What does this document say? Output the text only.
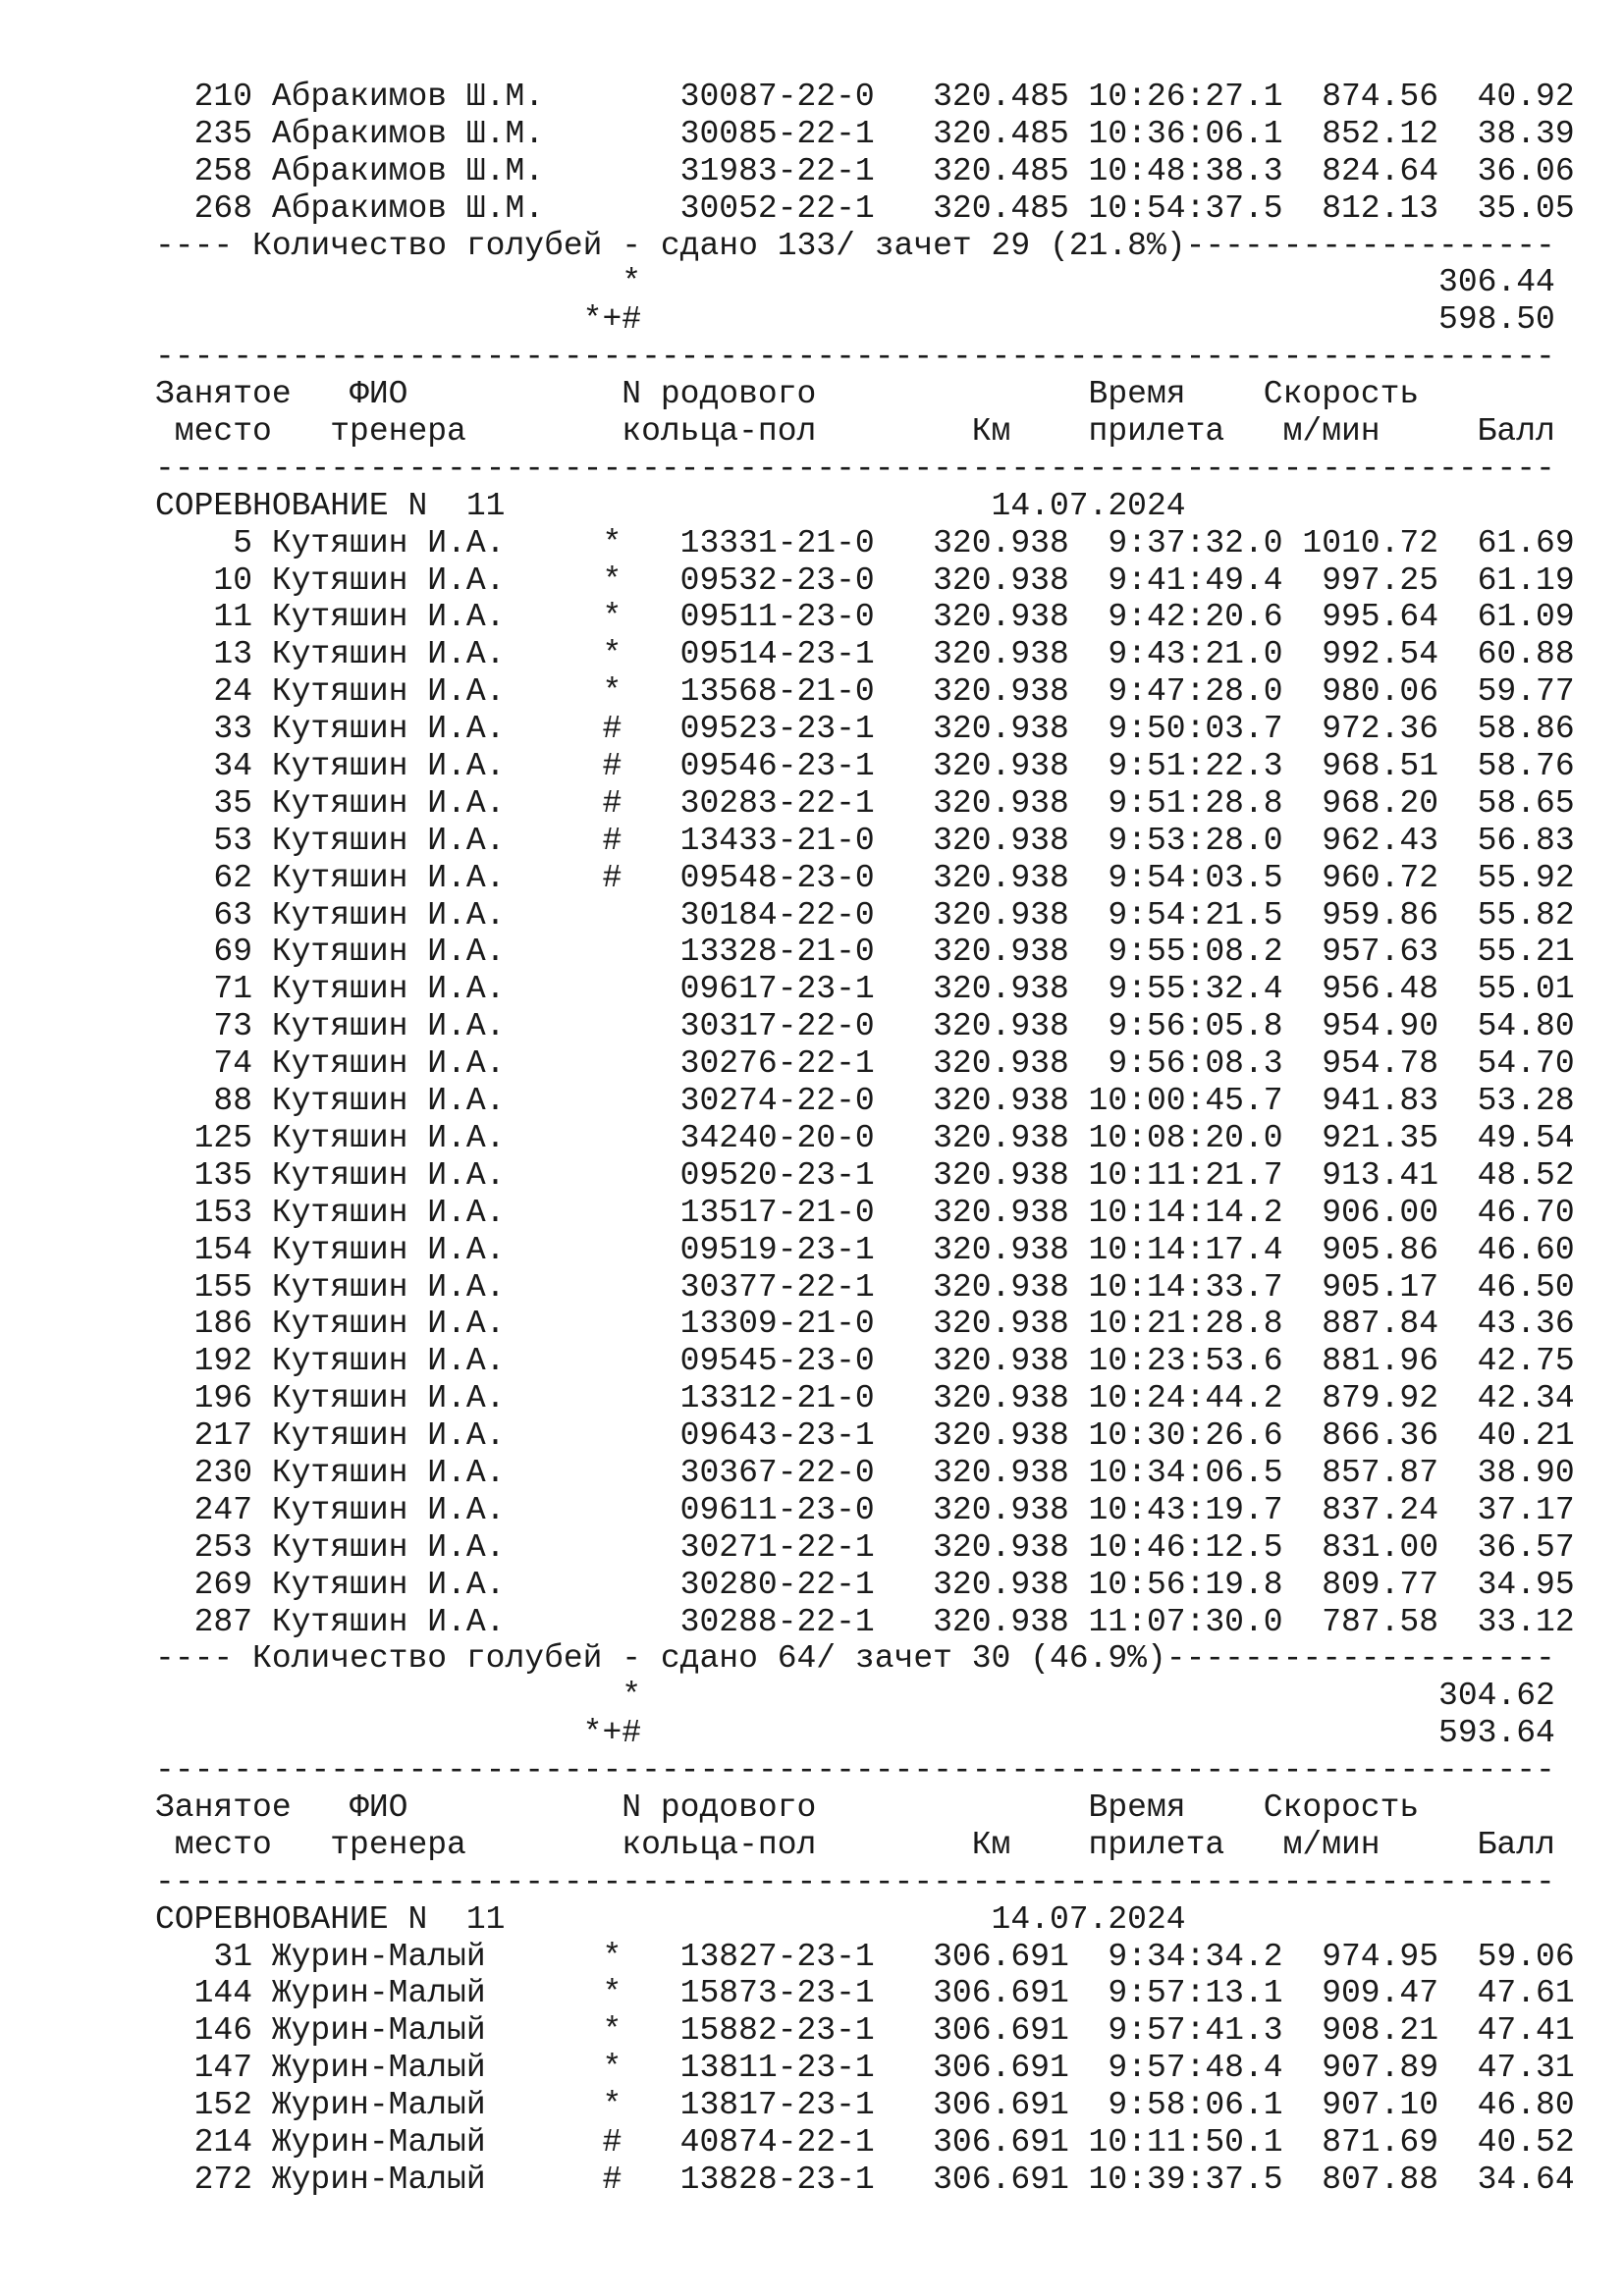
210 Абракимов Ш.М.       30087-22-0   320.485 10:26:27.1  874.56  40.92
235 Абракимов Ш.М.       30085-22-1   320.485 10:36:06.1  852.12  38.39
258 Абракимов Ш.М.       31983-22-1   320.485 10:48:38.3  824.64  36.06
268 Абракимов Ш.М.       30052-22-1   320.485 10:54:37.5  812.13  35.05
---- Количество голубей - сдано 133/ зачет 29 (21.8%)-------------------
*                                         306.44
*+#                                         598.50
------------------------------------------------------------------------
Занятое   ФИО           N родового              Время    Скорость
место   тренера        кольца-пол        Км    прилета   м/мин     Балл
------------------------------------------------------------------------
СОРЕВНОВАНИЕ N  11                         14.07.2024
5 Кутяшин И.А.     *   13331-21-0   320.938  9:37:32.0 1010.72  61.69
10 Кутяшин И.А.     *   09532-23-0   320.938  9:41:49.4  997.25  61.19
11 Кутяшин И.А.     *   09511-23-0   320.938  9:42:20.6  995.64  61.09
13 Кутяшин И.А.     *   09514-23-1   320.938  9:43:21.0  992.54  60.88
24 Кутяшин И.А.     *   13568-21-0   320.938  9:47:28.0  980.06  59.77
33 Кутяшин И.А.     #   09523-23-1   320.938  9:50:03.7  972.36  58.86
34 Кутяшин И.А.     #   09546-23-1   320.938  9:51:22.3  968.51  58.76
35 Кутяшин И.А.     #   30283-22-1   320.938  9:51:28.8  968.20  58.65
53 Кутяшин И.А.     #   13433-21-0   320.938  9:53:28.0  962.43  56.83
62 Кутяшин И.А.     #   09548-23-0   320.938  9:54:03.5  960.72  55.92
63 Кутяшин И.А.         30184-22-0   320.938  9:54:21.5  959.86  55.82
69 Кутяшин И.А.         13328-21-0   320.938  9:55:08.2  957.63  55.21
71 Кутяшин И.А.         09617-23-1   320.938  9:55:32.4  956.48  55.01
73 Кутяшин И.А.         30317-22-0   320.938  9:56:05.8  954.90  54.80
74 Кутяшин И.А.         30276-22-1   320.938  9:56:08.3  954.78  54.70
88 Кутяшин И.А.         30274-22-0   320.938 10:00:45.7  941.83  53.28
125 Кутяшин И.А.         34240-20-0   320.938 10:08:20.0  921.35  49.54
135 Кутяшин И.А.         09520-23-1   320.938 10:11:21.7  913.41  48.52
153 Кутяшин И.А.         13517-21-0   320.938 10:14:14.2  906.00  46.70
154 Кутяшин И.А.         09519-23-1   320.938 10:14:17.4  905.86  46.60
155 Кутяшин И.А.         30377-22-1   320.938 10:14:33.7  905.17  46.50
186 Кутяшин И.А.         13309-21-0   320.938 10:21:28.8  887.84  43.36
192 Кутяшин И.А.         09545-23-0   320.938 10:23:53.6  881.96  42.75
196 Кутяшин И.А.         13312-21-0   320.938 10:24:44.2  879.92  42.34
217 Кутяшин И.А.         09643-23-1   320.938 10:30:26.6  866.36  40.21
230 Кутяшин И.А.         30367-22-0   320.938 10:34:06.5  857.87  38.90
247 Кутяшин И.А.         09611-23-0   320.938 10:43:19.7  837.24  37.17
253 Кутяшин И.А.         30271-22-1   320.938 10:46:12.5  831.00  36.57
269 Кутяшин И.А.         30280-22-1   320.938 10:56:19.8  809.77  34.95
287 Кутяшин И.А.         30288-22-1   320.938 11:07:30.0  787.58  33.12
---- Количество голубей - сдано 64/ зачет 30 (46.9%)--------------------
*                                         304.62
*+#                                         593.64
------------------------------------------------------------------------
Занятое   ФИО           N родового              Время    Скорость
место   тренера        кольца-пол        Км    прилета   м/мин     Балл
------------------------------------------------------------------------
СОРЕВНОВАНИЕ N  11                         14.07.2024
31 Журин-Малый      *   13827-23-1   306.691  9:34:34.2  974.95  59.06
144 Журин-Малый      *   15873-23-1   306.691  9:57:13.1  909.47  47.61
146 Журин-Малый      *   15882-23-1   306.691  9:57:41.3  908.21  47.41
147 Журин-Малый      *   13811-23-1   306.691  9:57:48.4  907.89  47.31
152 Журин-Малый      *   13817-23-1   306.691  9:58:06.1  907.10  46.80
214 Журин-Малый      #   40874-22-1   306.691 10:11:50.1  871.69  40.52
272 Журин-Малый      #   13828-23-1   306.691 10:39:37.5  807.88  34.64
